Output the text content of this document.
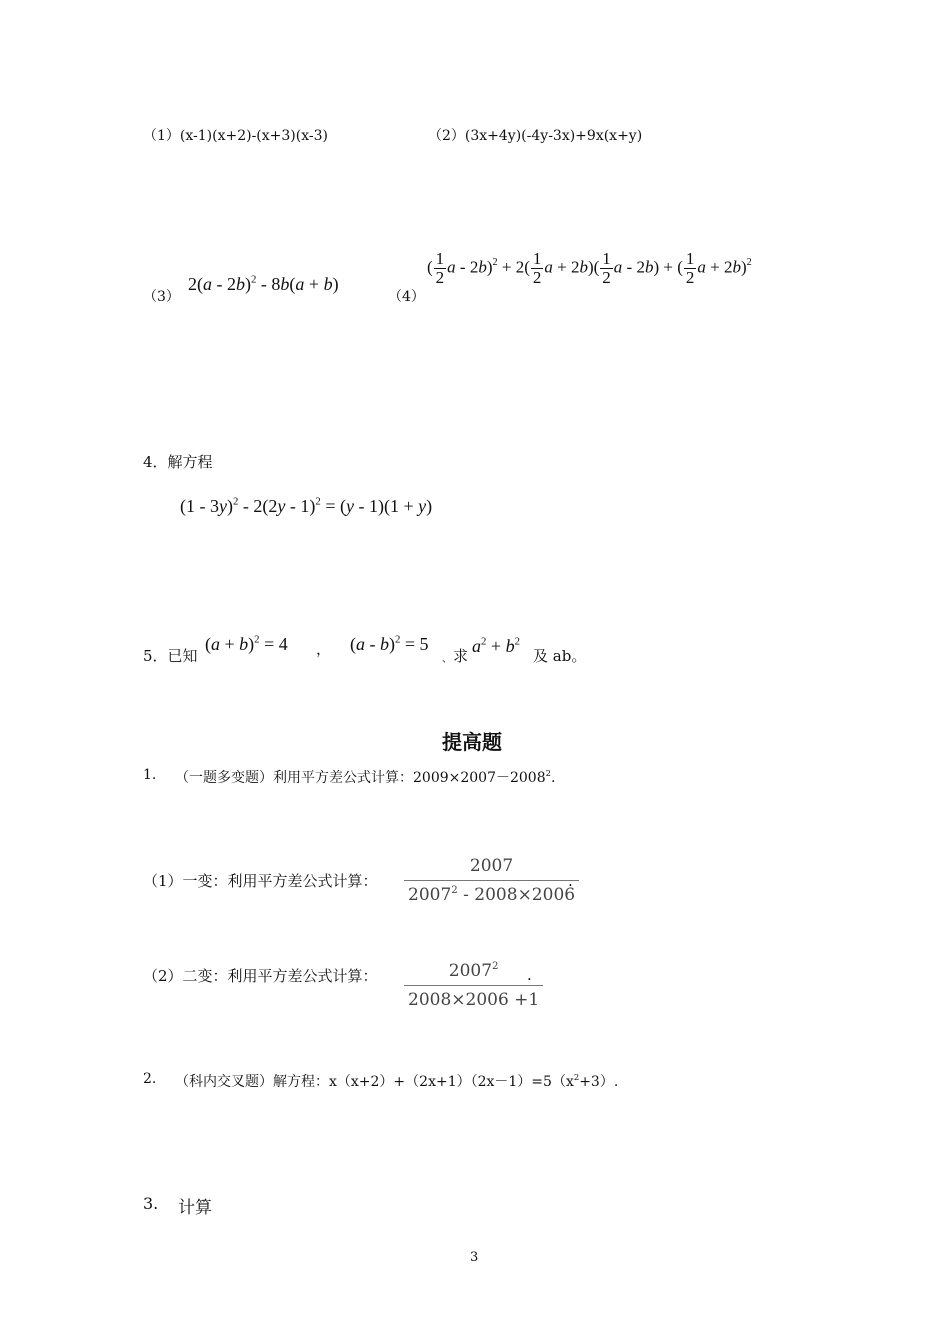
（1）(x-1)(x+2)-(x+3)(x-3)	（2）(3x+4y)(-4y-3x)+9x(x+y)
（3）
2(a - 2b)$^2$ - 8b(a + b)
（4）
( $\frac{1}{2}$ $a - 2b)^2 + 2( \frac{1}{2}$ $a + 2b)( \frac{1}{2}$ a - 2b) + ( $\frac{1}{2}$ a + 2b)$^2$
4．解方程
(1 - 3y)$^2$ - 2(2y - 1)$^2$ = (y - 1)(1 + y)
5．已知
$(a + b)^2 = 4$ ， (a - b)$^2$ = 5
、 求 $a^2 + b^2$
及 ab。
提高题
1. （一题多变题）利用平方差公式计算：$2009\times 2007-2008^2$.
（1）一变：利用平方差公式计算： $\frac{2007}{2007^2 - 2008\times 2006}$
.
（2）二变：利用平方差公式计算： $\frac{2007^2}{2008\times 2006 +1}$
.
2. （科内交叉题）解方程：$x(x+2)+(2x+1)(2x-1)=5(x^2+3)$.
3. 计算
3
